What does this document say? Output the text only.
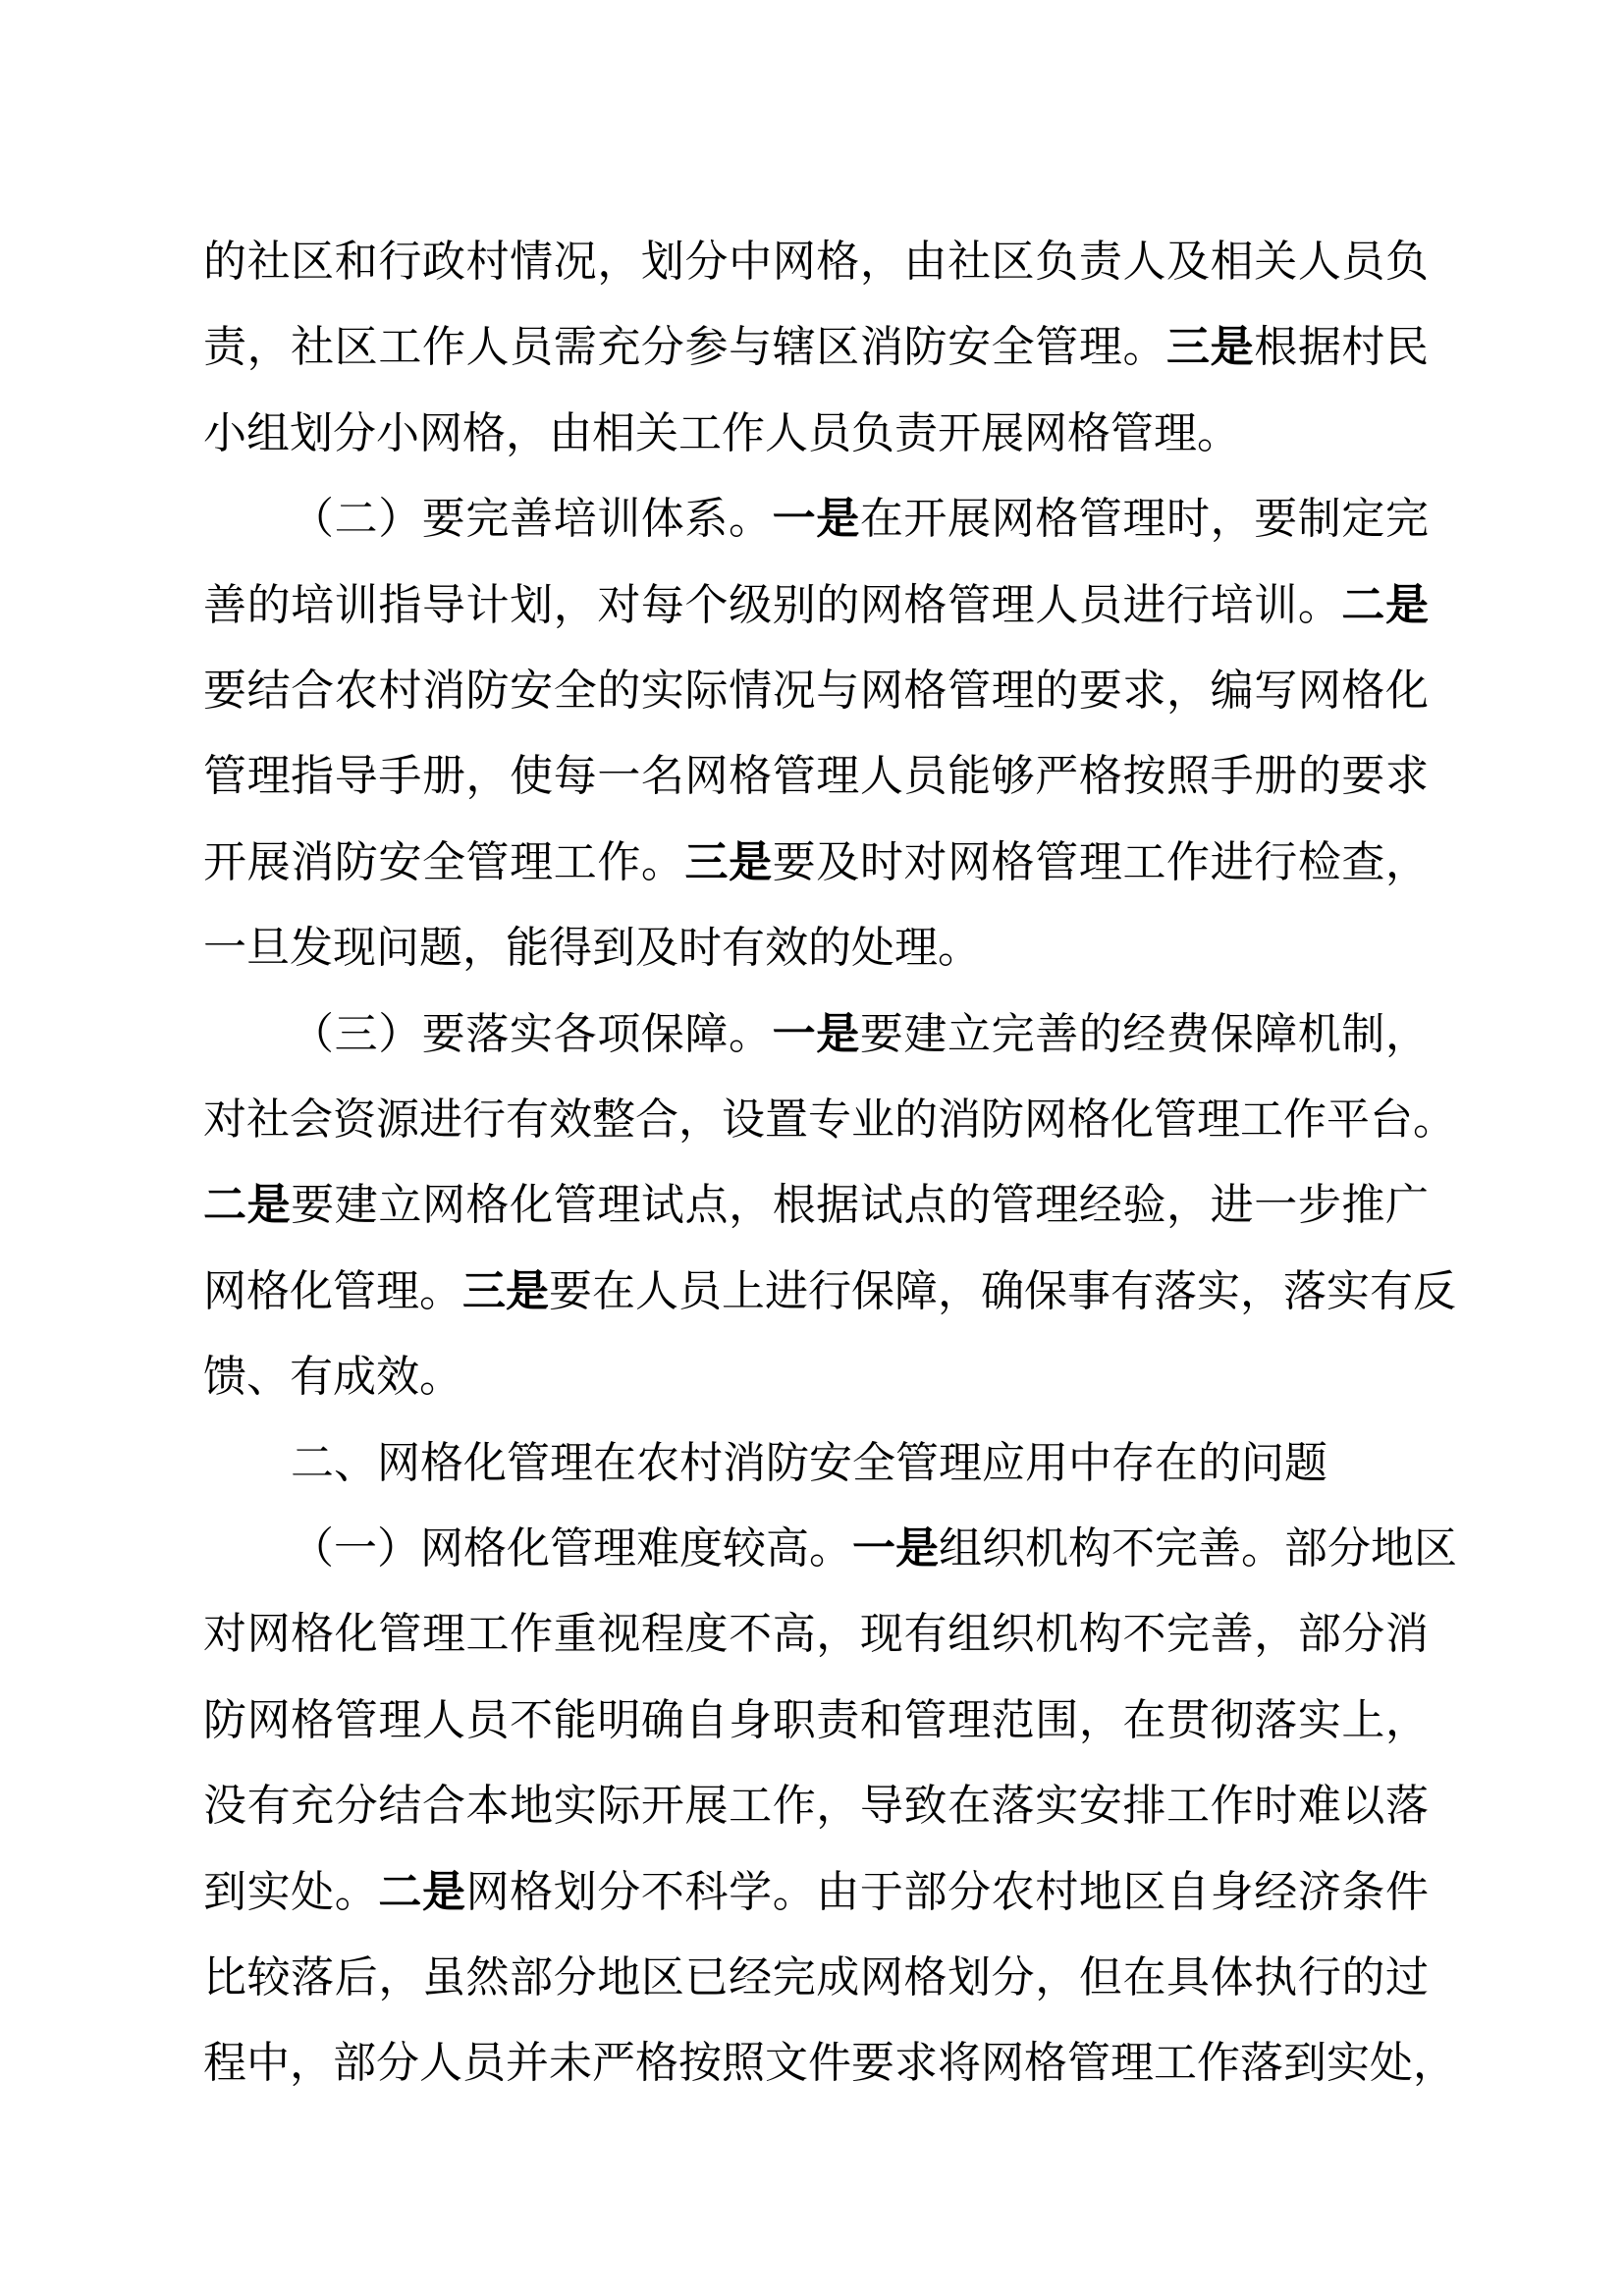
的社区和行政村情况，划分中网格，由社区负责人及相关人员负
责，社区工作人员需充分参与辖区消防安全管理。三是根据村民
小组划分小网格，由相关工作人员负责开展网格管理。
（二）要完善培训体系。一是在开展网格管理时，要制定完
善的培训指导计划，对每个级别的网格管理人员进行培训。二是
要结合农村消防安全的实际情况与网格管理的要求，编写网格化
管理指导手册，使每一名网格管理人员能够严格按照手册的要求
开展消防安全管理工作。三是要及时对网格管理工作进行检查，
一旦发现问题，能得到及时有效的处理。
（三）要落实各项保障。一是要建立完善的经费保障机制，
对社会资源进行有效整合，设置专业的消防网格化管理工作平台。
二是要建立网格化管理试点，根据试点的管理经验，进一步推广
网格化管理。三是要在人员上进行保障，确保事有落实，落实有反
馈、有成效。
二、网格化管理在农村消防安全管理应用中存在的问题
（一）网格化管理难度较高。一是组织机构不完善。部分地区
对网格化管理工作重视程度不高，现有组织机构不完善，部分消
防网格管理人员不能明确自身职责和管理范围，在贯彻落实上，
没有充分结合本地实际开展工作，导致在落实安排工作时难以落
到实处。二是网格划分不科学。由于部分农村地区自身经济条件
比较落后，虽然部分地区已经完成网格划分，但在具体执行的过
程中，部分人员并未严格按照文件要求将网格管理工作落到实处，
